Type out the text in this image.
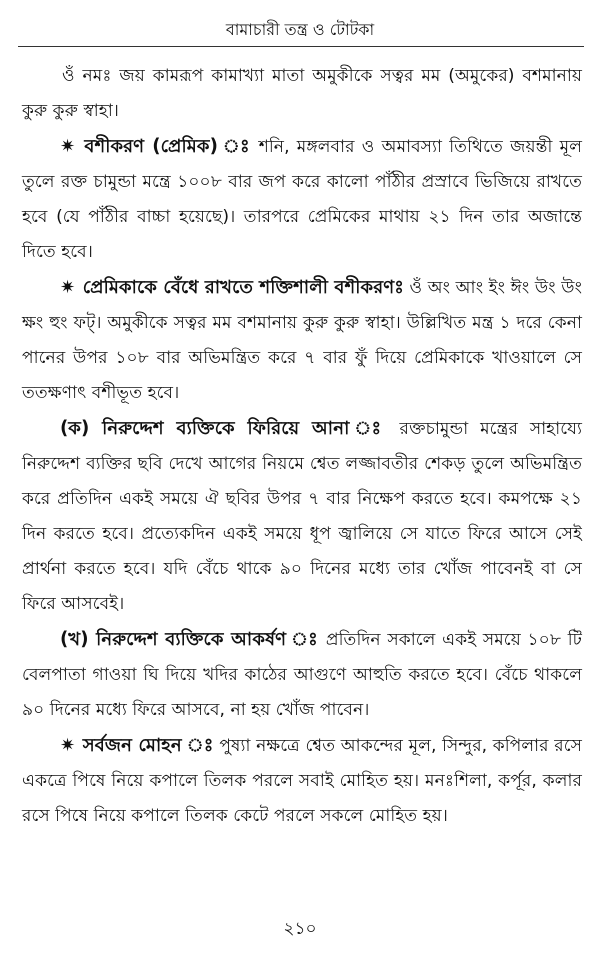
বামাচারী তন্ত্র ও টোটকা

ওঁ নমঃ জয় কামরূপ কামাখ্যা মাতা অমুকীকে সত্বর মম (অমুকের) বশমানায় কুরু কুরু স্বাহা।

✷ বশীকরণ (প্রেমিক) ঃ শনি, মঙ্গলবার ও অমাবস্যা তিথিতে জয়ন্তী মূল তুলে রক্ত চামুন্ডা মন্ত্রে ১০০৮ বার জপ করে কালো পাঁঠীর প্রস্রাবে ভিজিয়ে রাখতে হবে (যে পাঁঠীর বাচ্চা হয়েছে)। তারপরে প্রেমিকের মাথায় ২১ দিন তার অজান্তে দিতে হবে।

✷ প্রেমিকাকে বেঁধে রাখতে শক্তিশালী বশীকরণঃ ওঁ অং আং ইং ঈং উং উং ক্ষং হুং ফট্। অমুকীকে সত্বর মম বশমানায় কুরু কুরু স্বাহা। উল্লিখিত মন্ত্র ১ দরে কেনা পানের উপর ১০৮ বার অভিমন্ত্রিত করে ৭ বার ফুঁ দিয়ে প্রেমিকাকে খাওয়ালে সে ততক্ষণাৎ বশীভূত হবে।

(ক) নিরুদ্দেশ ব্যক্তিকে ফিরিয়ে আনা ঃ রক্তচামুন্ডা মন্ত্রের সাহায্যে নিরুদ্দেশ ব্যক্তির ছবি দেখে আগের নিয়মে শ্বেত লজ্জাবতীর শেকড় তুলে অভিমন্ত্রিত করে প্রতিদিন একই সময়ে ঐ ছবির উপর ৭ বার নিক্ষেপ করতে হবে। কমপক্ষে ২১ দিন করতে হবে। প্রত্যেকদিন একই সময়ে ধূপ জ্বালিয়ে সে যাতে ফিরে আসে সেই প্রার্থনা করতে হবে। যদি বেঁচে থাকে ৯০ দিনের মধ্যে তার খোঁজ পাবেনই বা সে ফিরে আসবেই।

(খ) নিরুদ্দেশ ব্যক্তিকে আকর্ষণ ঃ প্রতিদিন সকালে একই সময়ে ১০৮ টি বেলপাতা গাওয়া ঘি দিয়ে খদির কাঠের আগুণে আহুতি করতে হবে। বেঁচে থাকলে ৯০ দিনের মধ্যে ফিরে আসবে, না হয় খোঁজ পাবেন।

✷ সর্বজন মোহন ঃ পুষ্যা নক্ষত্রে শ্বেত আকন্দের মূল, সিন্দুর, কপিলার রসে একত্রে পিষে নিয়ে কপালে তিলক পরলে সবাই মোহিত হয়। মনঃশিলা, কর্পূর, কলার রসে পিষে নিয়ে কপালে তিলক কেটে পরলে সকলে মোহিত হয়।

২১০
